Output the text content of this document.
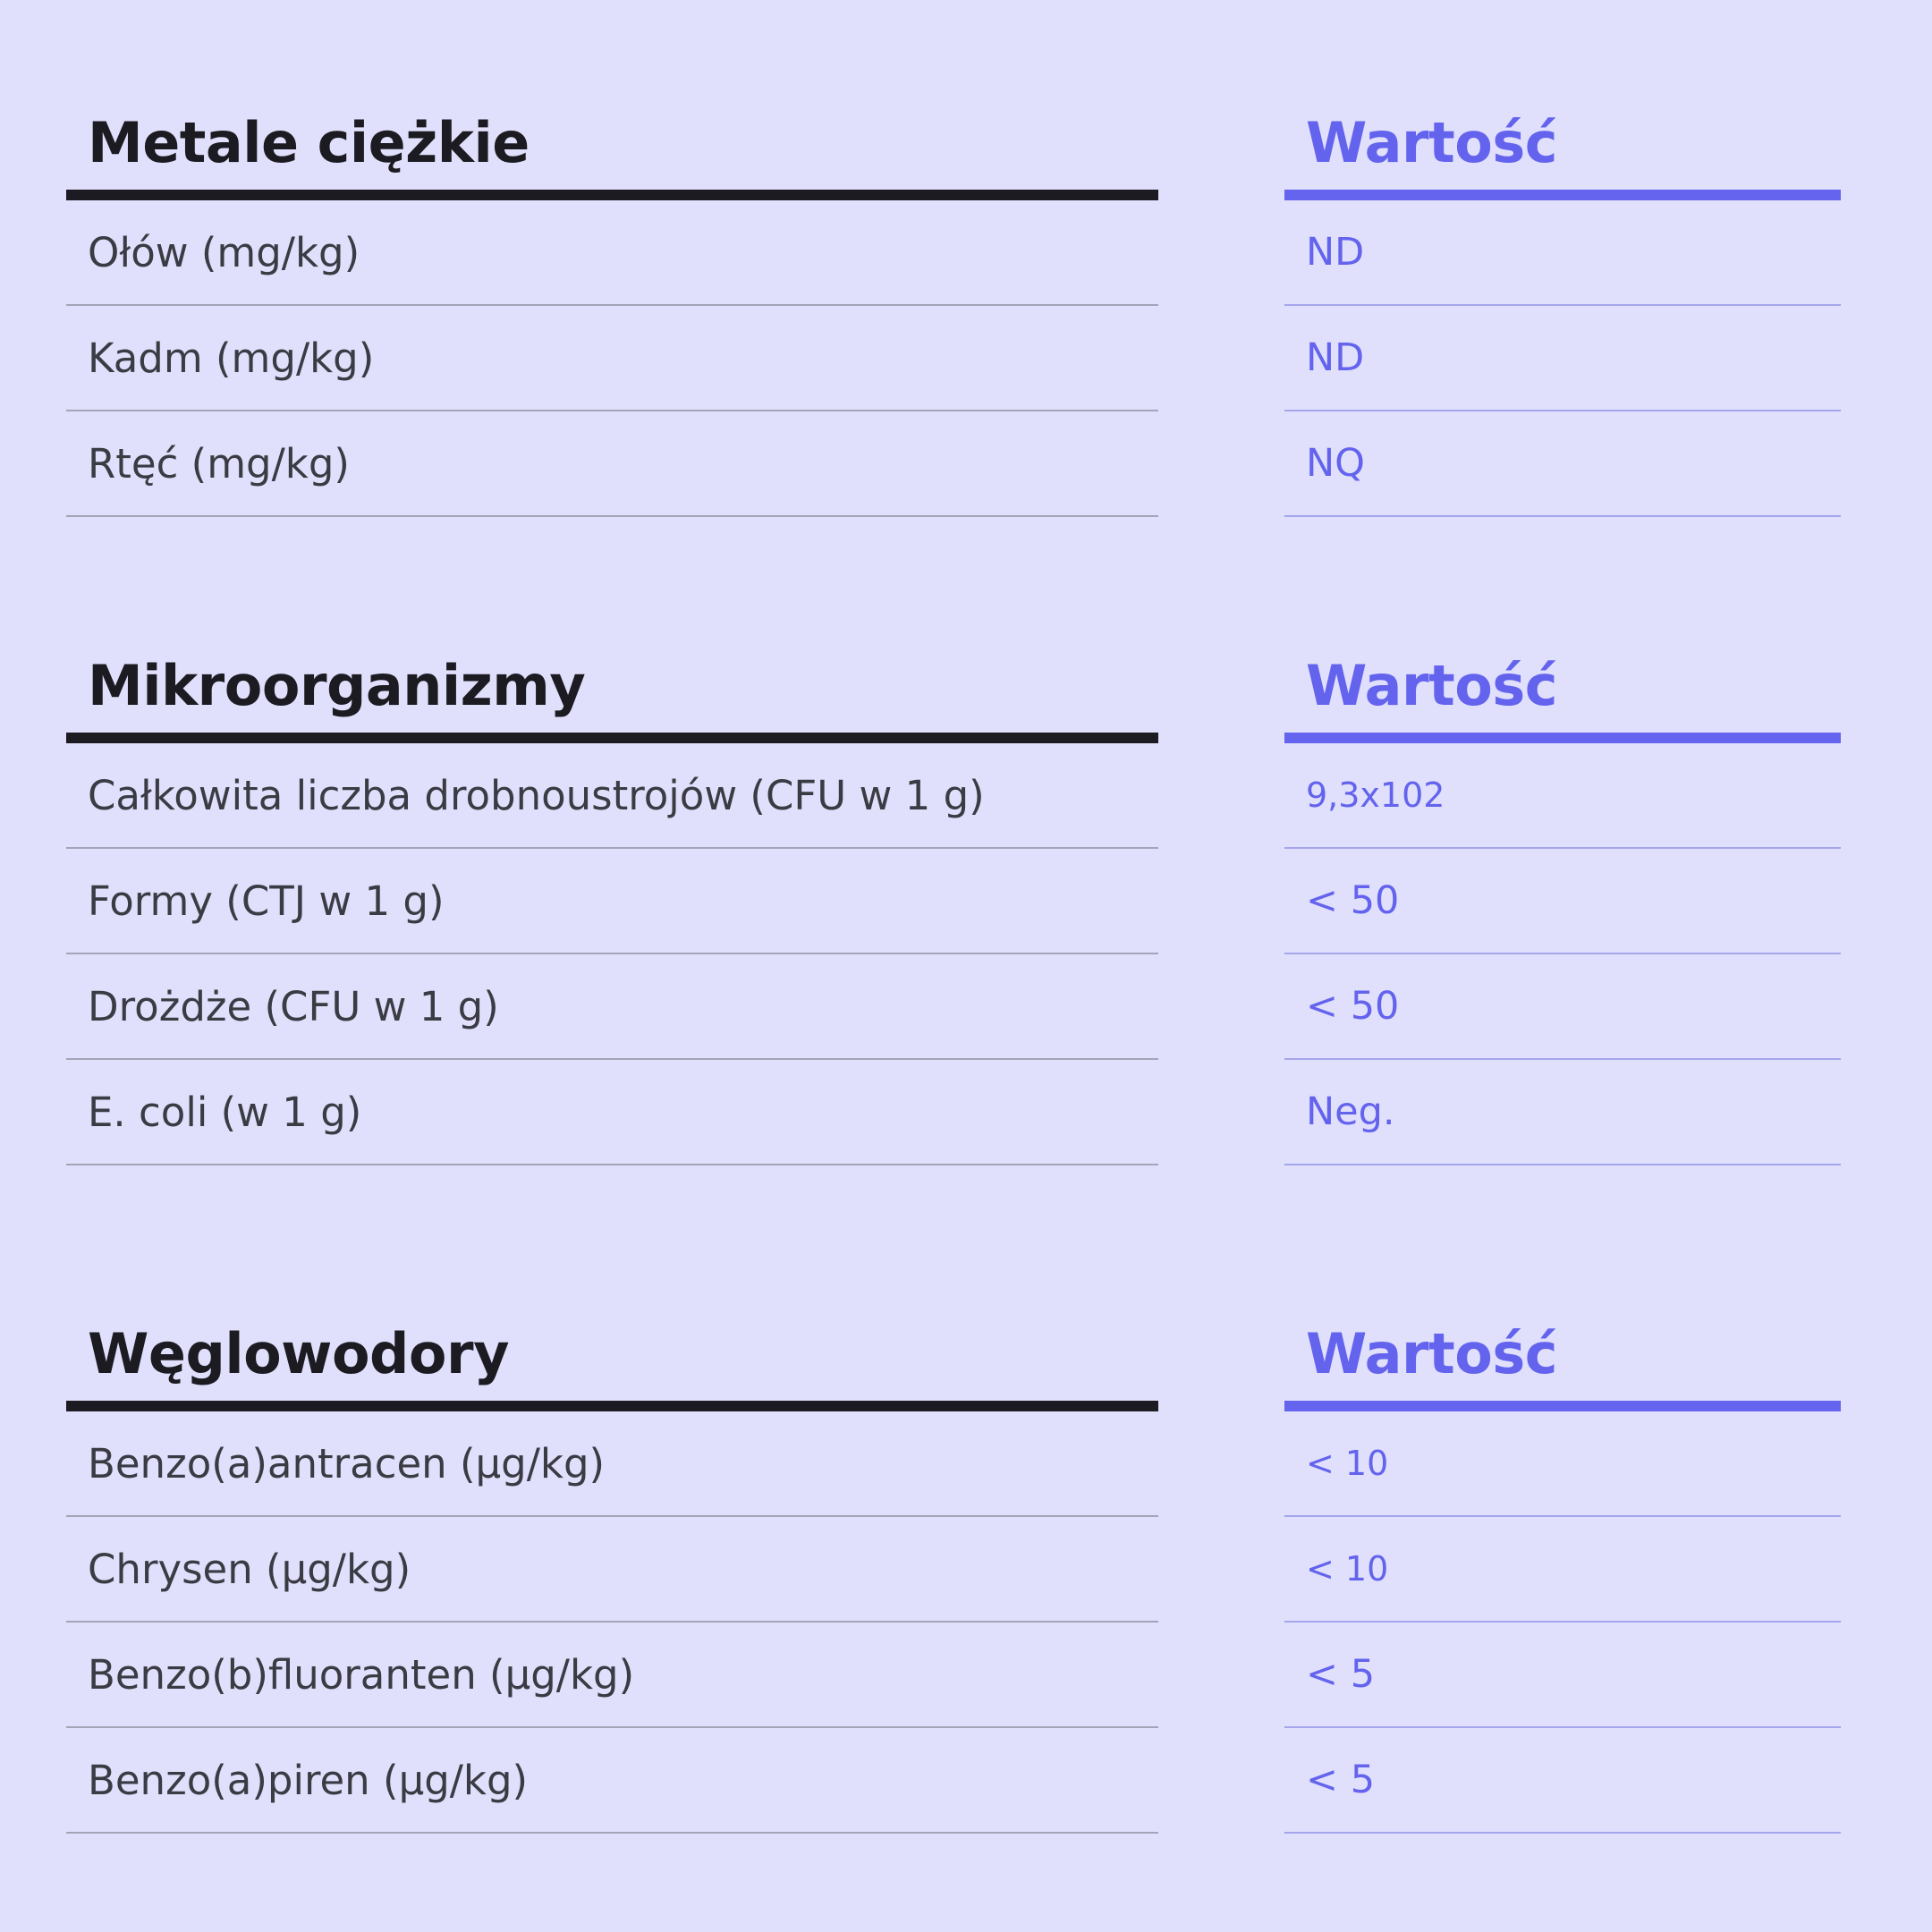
Metale ciężkie
Ołów (mg/kg)
Kadm (mg/kg)
Rtęć (mg/kg)
Wartość
ND
ND
NQ
Mikroorganizmy
Całkowita liczba drobnoustrojów (CFU w 1 g)
Formy (CTJ w 1 g)
Drożdże (CFU w 1 g)
E. coli (w 1 g)
Wartość
9,3x102
< 50
< 50
Neg.
Węglowodory
Benzo(a)antracen (µg/kg)
Chrysen (µg/kg)
Benzo(b)fluoranten (µg/kg)
Benzo(a)piren (µg/kg)
Wartość
< 10
< 10
< 5
< 5
